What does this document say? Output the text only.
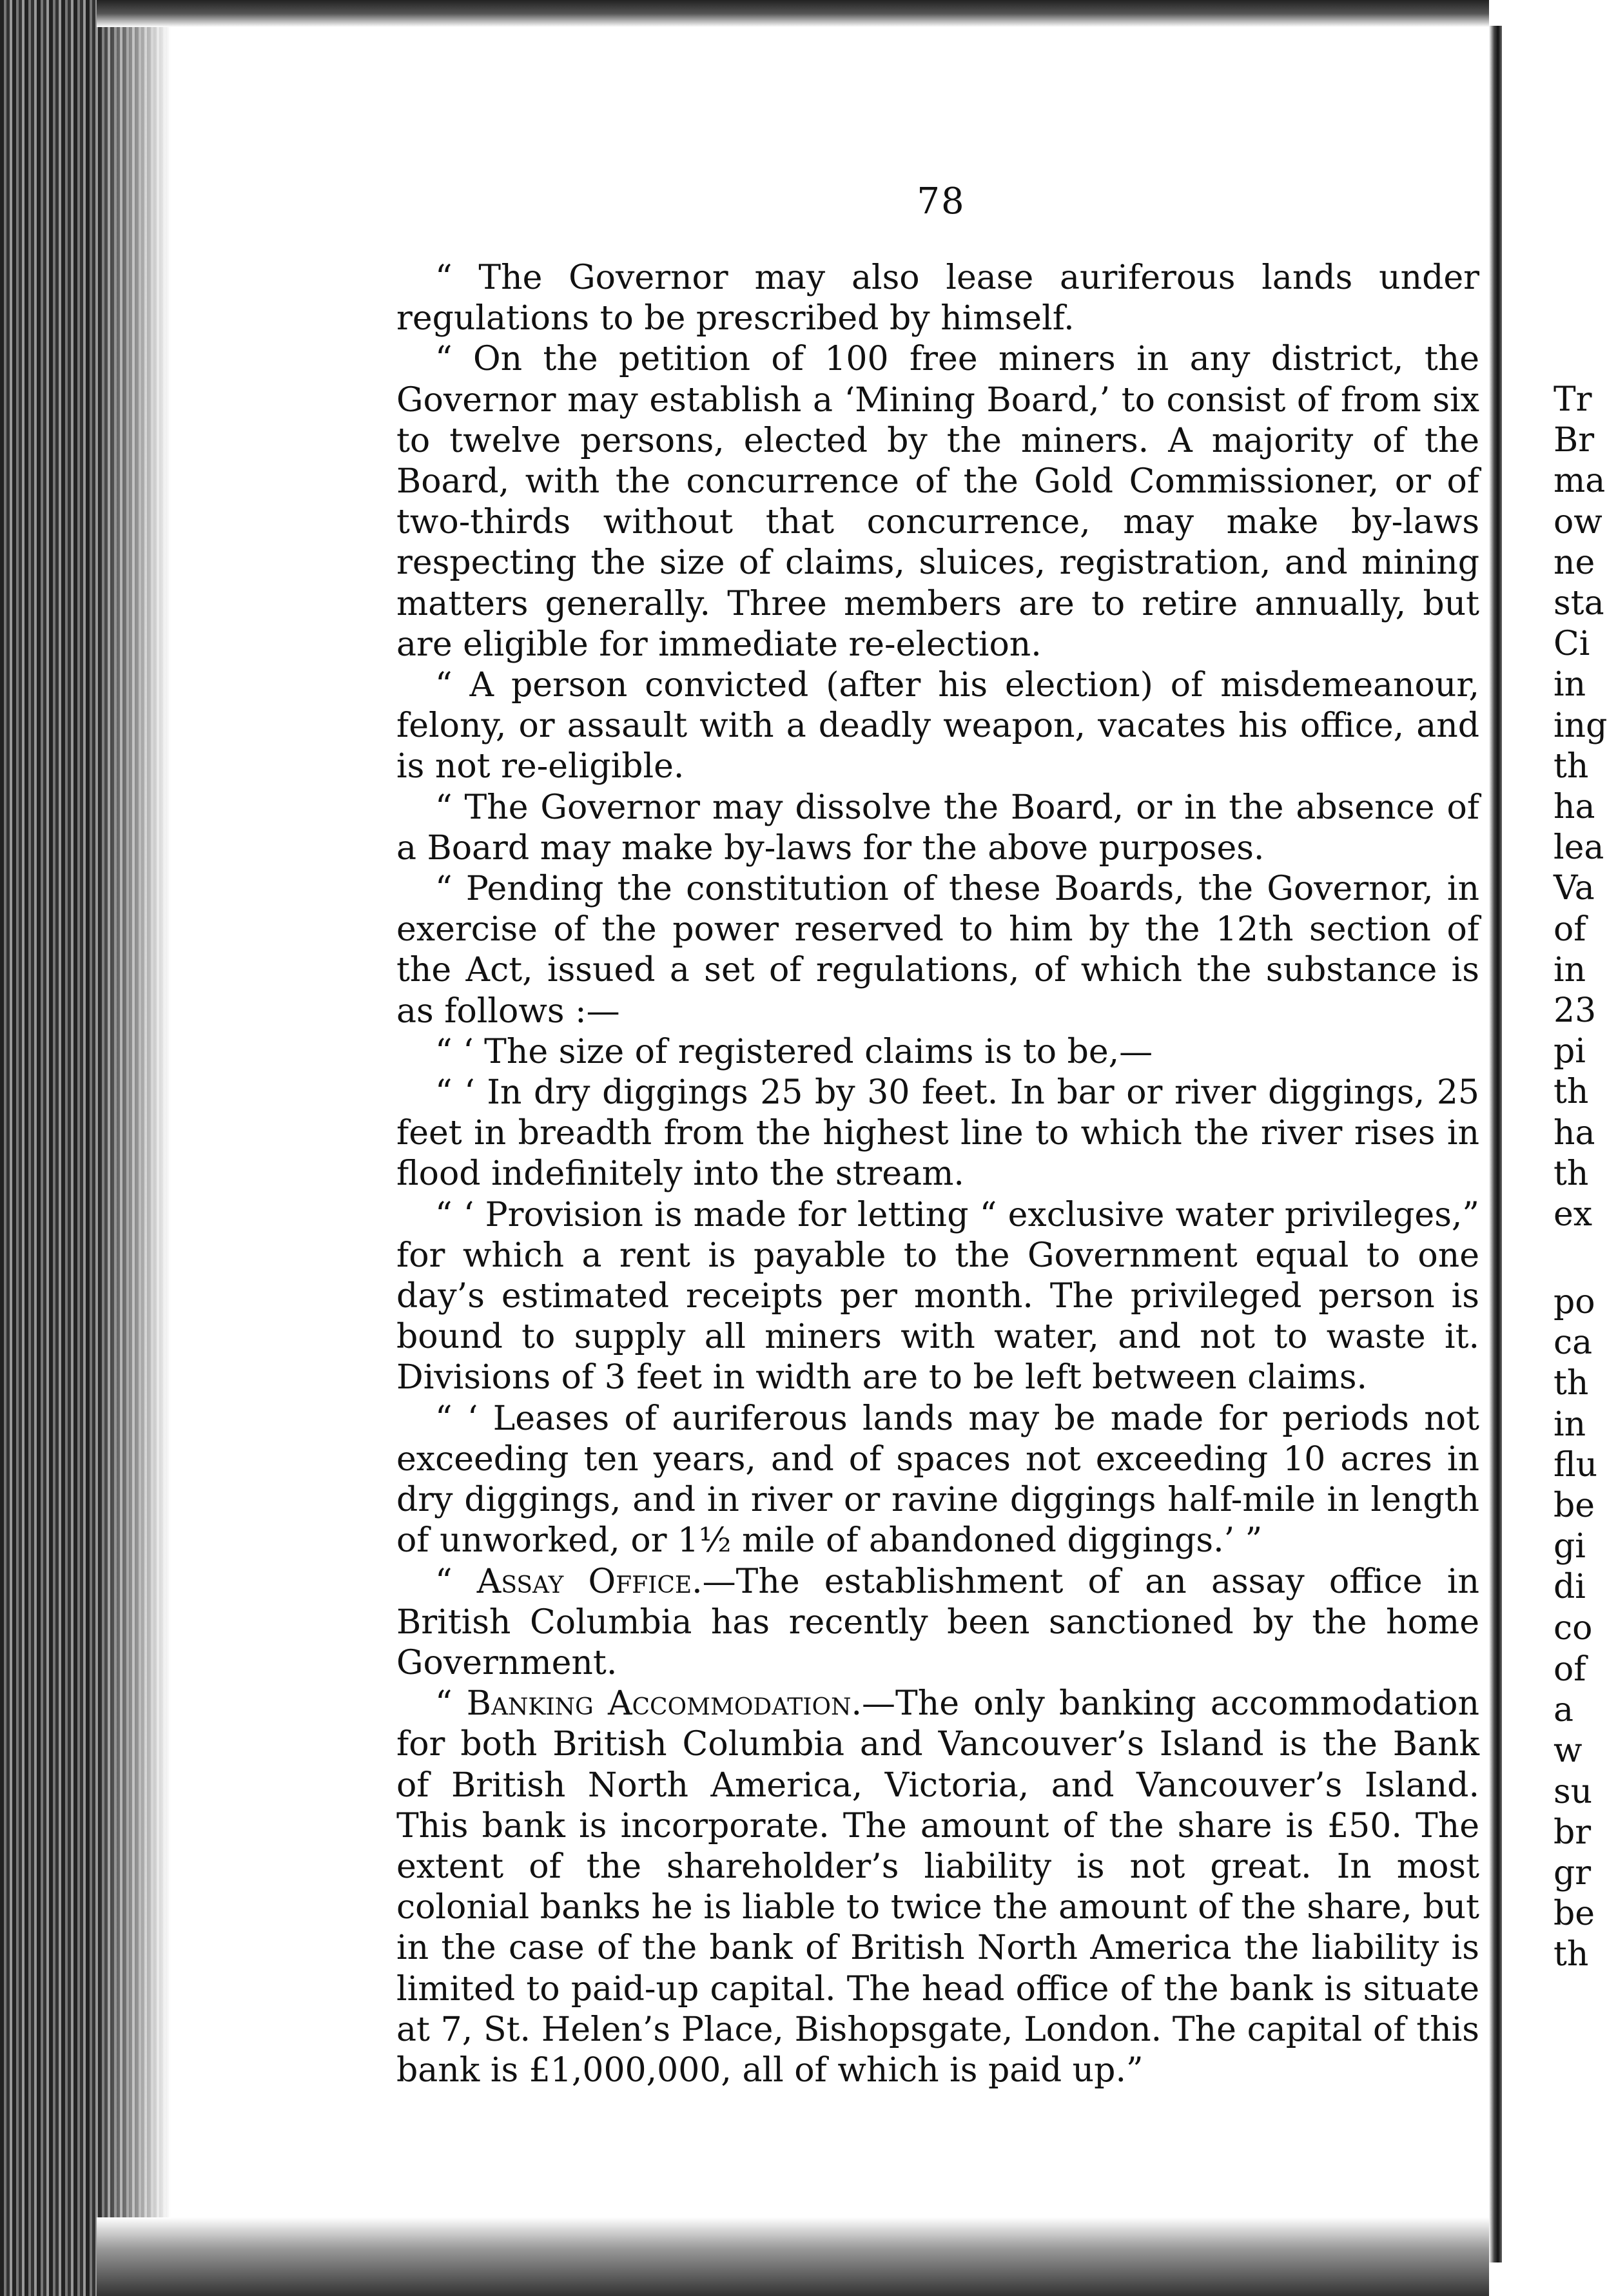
78

“ The Governor may also lease auriferous lands under regulations to be prescribed by himself.

“ On the petition of 100 free miners in any district, the Governor may establish a ‘Mining Board,’ to consist of from six to twelve persons, elected by the miners. A majority of the Board, with the concurrence of the Gold Commissioner, or of two-thirds without that concurrence, may make by-laws respecting the size of claims, sluices, registration, and mining matters generally. Three members are to retire annually, but are eligible for immediate re-election.

“ A person convicted (after his election) of misdemeanour, felony, or assault with a deadly weapon, vacates his office, and is not re-eligible.

“ The Governor may dissolve the Board, or in the absence of a Board may make by-laws for the above purposes.

“ Pending the constitution of these Boards, the Governor, in exercise of the power reserved to him by the 12th section of the Act, issued a set of regulations, of which the substance is as follows :—

“ ‘ The size of registered claims is to be,—

“ ‘ In dry diggings 25 by 30 feet. In bar or river diggings, 25 feet in breadth from the highest line to which the river rises in flood indefinitely into the stream.

“ ‘ Provision is made for letting “ exclusive water privileges,” for which a rent is payable to the Government equal to one day’s estimated receipts per month. The privileged person is bound to supply all miners with water, and not to waste it. Divisions of 3 feet in width are to be left between claims.

“ ‘ Leases of auriferous lands may be made for periods not exceeding ten years, and of spaces not exceeding 10 acres in dry diggings, and in river or ravine diggings half-mile in length of unworked, or 1½ mile of abandoned diggings.’ ”

“ Assay Office.—The establishment of an assay office in British Columbia has recently been sanctioned by the home Government.

“ Banking Accommodation.—The only banking accommodation for both British Columbia and Vancouver’s Island is the Bank of British North America, Victoria, and Vancouver’s Island. This bank is incorporate. The amount of the share is £50. The extent of the shareholder’s liability is not great. In most colonial banks he is liable to twice the amount of the share, but in the case of the bank of British North America the liability is limited to paid-up capital. The head office of the bank is situate at 7, St. Helen’s Place, Bishopsgate, London. The capital of this bank is £1,000,000, all of which is paid up.”

Tr
Br
ma
ow
ne
sta
Ci
in
ing
th
ha
lea
Va
of
in
23
pi
th
ha
th
ex
po
ca
th
in
flu
be
gi
di
co
of
a
w
su
br
gr
be
th
